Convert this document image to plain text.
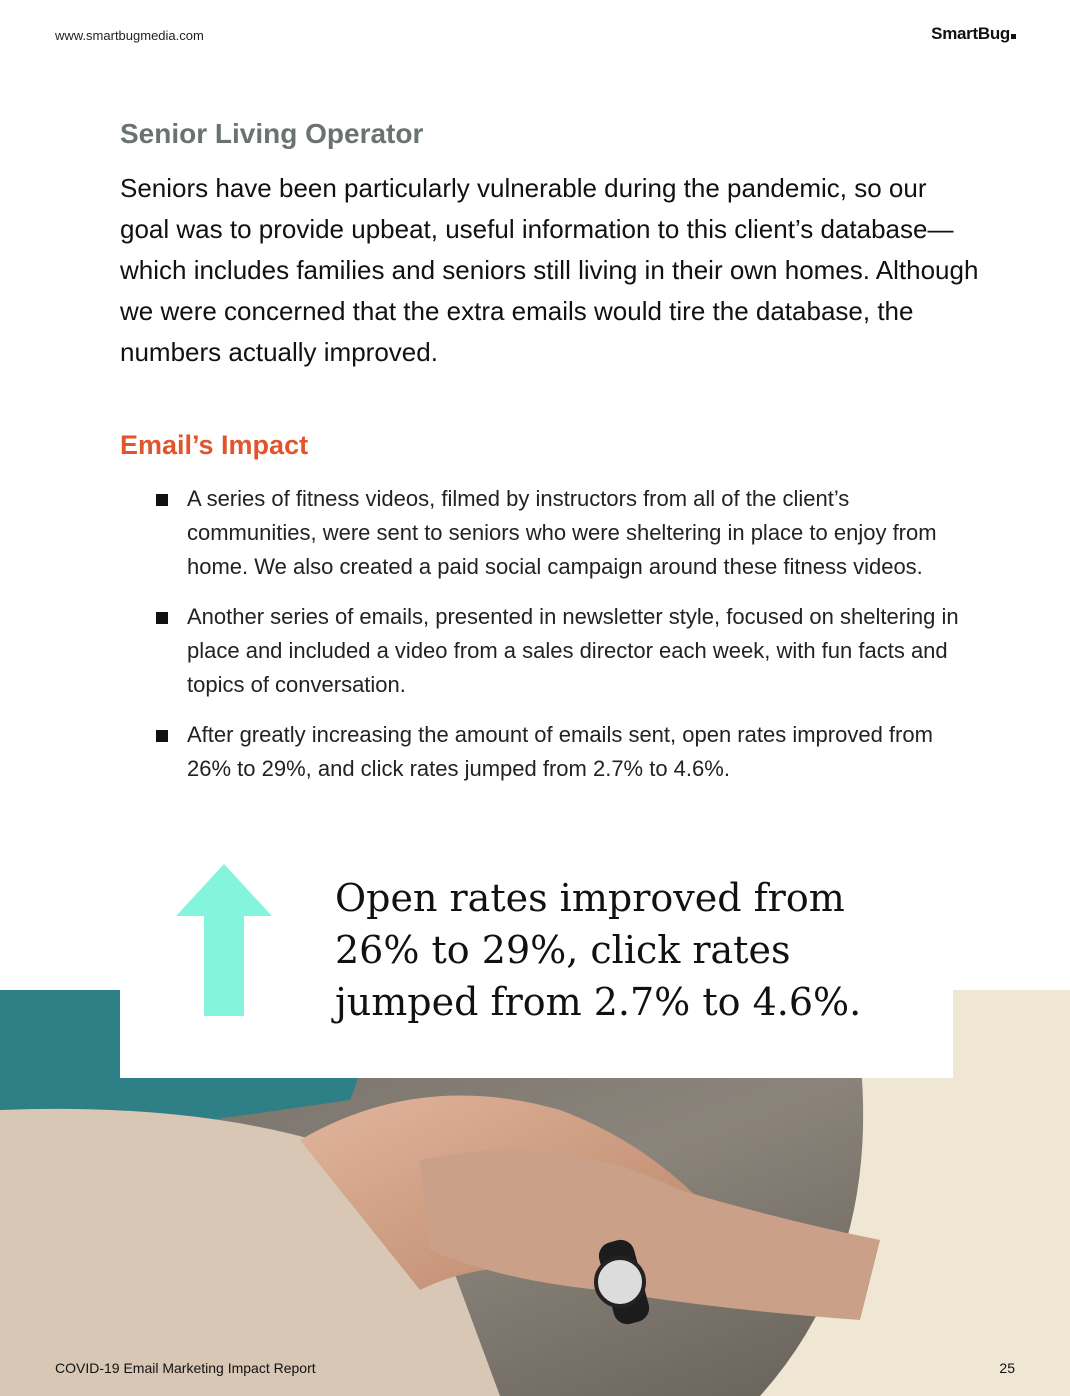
www.smartbugmedia.com	SmartBug
Senior Living Operator

Seniors have been particularly vulnerable during the pandemic, so our goal was to provide upbeat, useful information to this client’s database—which includes families and seniors still living in their own homes. Although we were concerned that the extra emails would tire the database, the numbers actually improved.

Email’s Impact
A series of fitness videos, filmed by instructors from all of the client’s communities, were sent to seniors who were sheltering in place to enjoy from home. We also created a paid social campaign around these fitness videos.
Another series of emails, presented in newsletter style, focused on sheltering in place and included a video from a sales director each week, with fun facts and topics of conversation.
After greatly increasing the amount of emails sent, open rates improved from 26% to 29%, and click rates jumped from 2.7% to 4.6%.

Open rates improved from 26% to 29%, click rates jumped from 2.7% to 4.6%.

COVID-19 Email Marketing Impact Report	25
